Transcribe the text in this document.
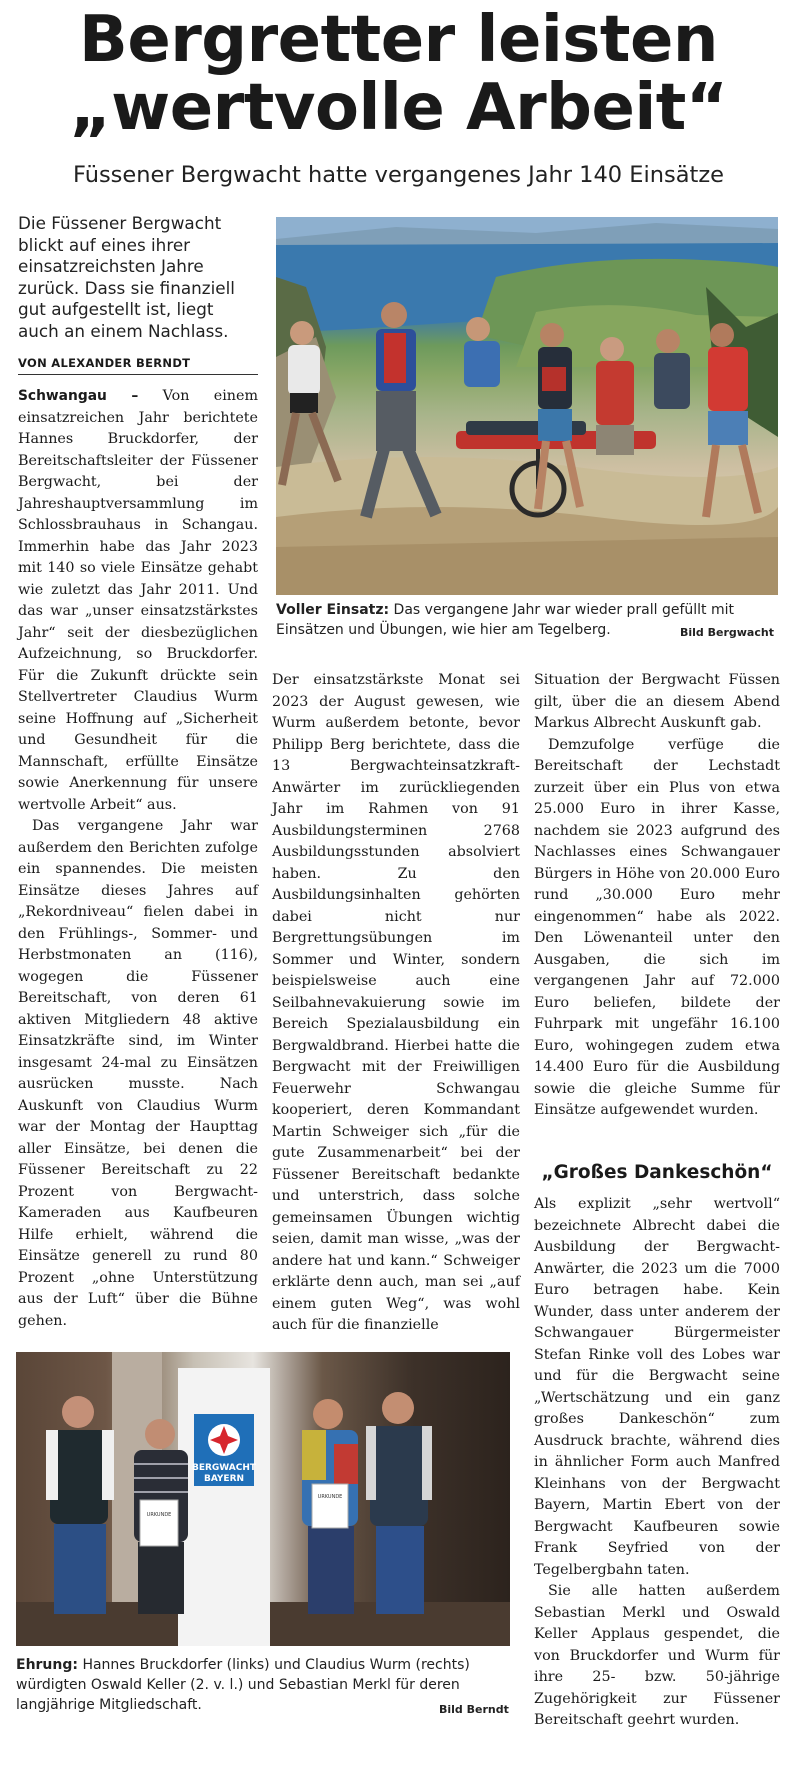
Bergretter leisten
„wertvolle Arbeit“
Füssener Bergwacht hatte vergangenes Jahr 140 Einsätze
Die Füssener Bergwacht blickt auf eines ihrer einsatzreichsten Jahre zurück. Dass sie finanziell gut aufgestellt ist, liegt auch an einem Nachlass.
VON ALEXANDER BERNDT

Schwangau – Von einem einsatzreichen Jahr berichtete Hannes Bruckdorfer, der Bereitschaftsleiter der Füssener Bergwacht, bei der Jahreshauptversammlung im Schlossbrauhaus in Schangau. Immerhin habe das Jahr 2023 mit 140 so viele Einsätze gehabt wie zuletzt das Jahr 2011. Und das war „unser einsatzstärkstes Jahr“ seit der diesbezüglichen Aufzeichnung, so Bruckdorfer. Für die Zukunft drückte sein Stellvertreter Claudius Wurm seine Hoffnung auf „Sicherheit und Gesundheit für die Mannschaft, erfüllte Einsätze sowie Anerkennung für unsere wertvolle Arbeit“ aus.

Das vergangene Jahr war außerdem den Berichten zufolge ein spannendes. Die meisten Einsätze dieses Jahres auf „Rekordniveau“ fielen dabei in den Frühlings-, Sommer- und Herbstmonaten an (116), wogegen die Füssener Bereitschaft, von deren 61 aktiven Mitgliedern 48 aktive Einsatzkräfte sind, im Winter insgesamt 24-mal zu Einsätzen ausrücken musste. Nach Auskunft von Claudius Wurm war der Montag der Haupttag aller Einsätze, bei denen die Füssener Bereitschaft zu 22 Prozent von Bergwacht-Kameraden aus Kaufbeuren Hilfe erhielt, während die Einsätze generell zu rund 80 Prozent „ohne Unterstützung aus der Luft“ über die Bühne gehen.

Voller Einsatz: Das vergangene Jahr war wieder prall gefüllt mit Einsätzen und Übungen, wie hier am Tegelberg.	Bild Bergwacht

Der einsatzstärkste Monat sei 2023 der August gewesen, wie Wurm außerdem betonte, bevor Philipp Berg berichtete, dass die 13 Bergwachteinsatzkraft-Anwärter im zurückliegenden Jahr im Rahmen von 91 Ausbildungsterminen 2768 Ausbildungsstunden absolviert haben. Zu den Ausbildungsinhalten gehörten dabei nicht nur Bergrettungsübungen im Sommer und Winter, sondern beispielsweise auch eine Seilbahnevakuierung sowie im Bereich Spezialausbildung ein Bergwaldbrand. Hierbei hatte die Bergwacht mit der Freiwilligen Feuerwehr Schwangau kooperiert, deren Kommandant Martin Schweiger sich „für die gute Zusammenarbeit“ bei der Füssener Bereitschaft bedankte und unterstrich, dass solche gemeinsamen Übungen wichtig seien, damit man wisse, „was der andere hat und kann.“ Schweiger erklärte denn auch, man sei „auf einem guten Weg“, was wohl auch für die finanzielle

Situation der Bergwacht Füssen gilt, über die an diesem Abend Markus Albrecht Auskunft gab.

Demzufolge verfüge die Bereitschaft der Lechstadt zurzeit über ein Plus von etwa 25.000 Euro in ihrer Kasse, nachdem sie 2023 aufgrund des Nachlasses eines Schwangauer Bürgers in Höhe von 20.000 Euro rund „30.000 Euro mehr eingenommen“ habe als 2022. Den Löwenanteil unter den Ausgaben, die sich im vergangenen Jahr auf 72.000 Euro beliefen, bildete der Fuhrpark mit ungefähr 16.100 Euro, wohingegen zudem etwa 14.400 Euro für die Ausbildung sowie die gleiche Summe für Einsätze aufgewendet wurden.

„Großes Dankeschön“

Als explizit „sehr wertvoll“ bezeichnete Albrecht dabei die Ausbildung der Bergwacht-Anwärter, die 2023 um die 7000 Euro betragen habe. Kein Wunder, dass unter anderem der Schwangauer Bürgermeister Stefan Rinke voll des Lobes war und für die Bergwacht seine „Wertschätzung und ein ganz großes Dankeschön“ zum Ausdruck brachte, während dies in ähnlicher Form auch Manfred Kleinhans von der Bergwacht Bayern, Martin Ebert von der Bergwacht Kaufbeuren sowie Frank Seyfried von der Tegelbergbahn taten.

Sie alle hatten außerdem Sebastian Merkl und Oswald Keller Applaus gespendet, die von Bruckdorfer und Wurm für ihre 25- bzw. 50-jährige Zugehörigkeit zur Füssener Bereitschaft geehrt wurden.

BERGWACHT
BAYERN
URKUNDE
URKUNDE
Ehrung: Hannes Bruckdorfer (links) und Claudius Wurm (rechts) würdigten Oswald Keller (2. v. l.) und Sebastian Merkl für deren langjährige Mitgliedschaft.	Bild Berndt
